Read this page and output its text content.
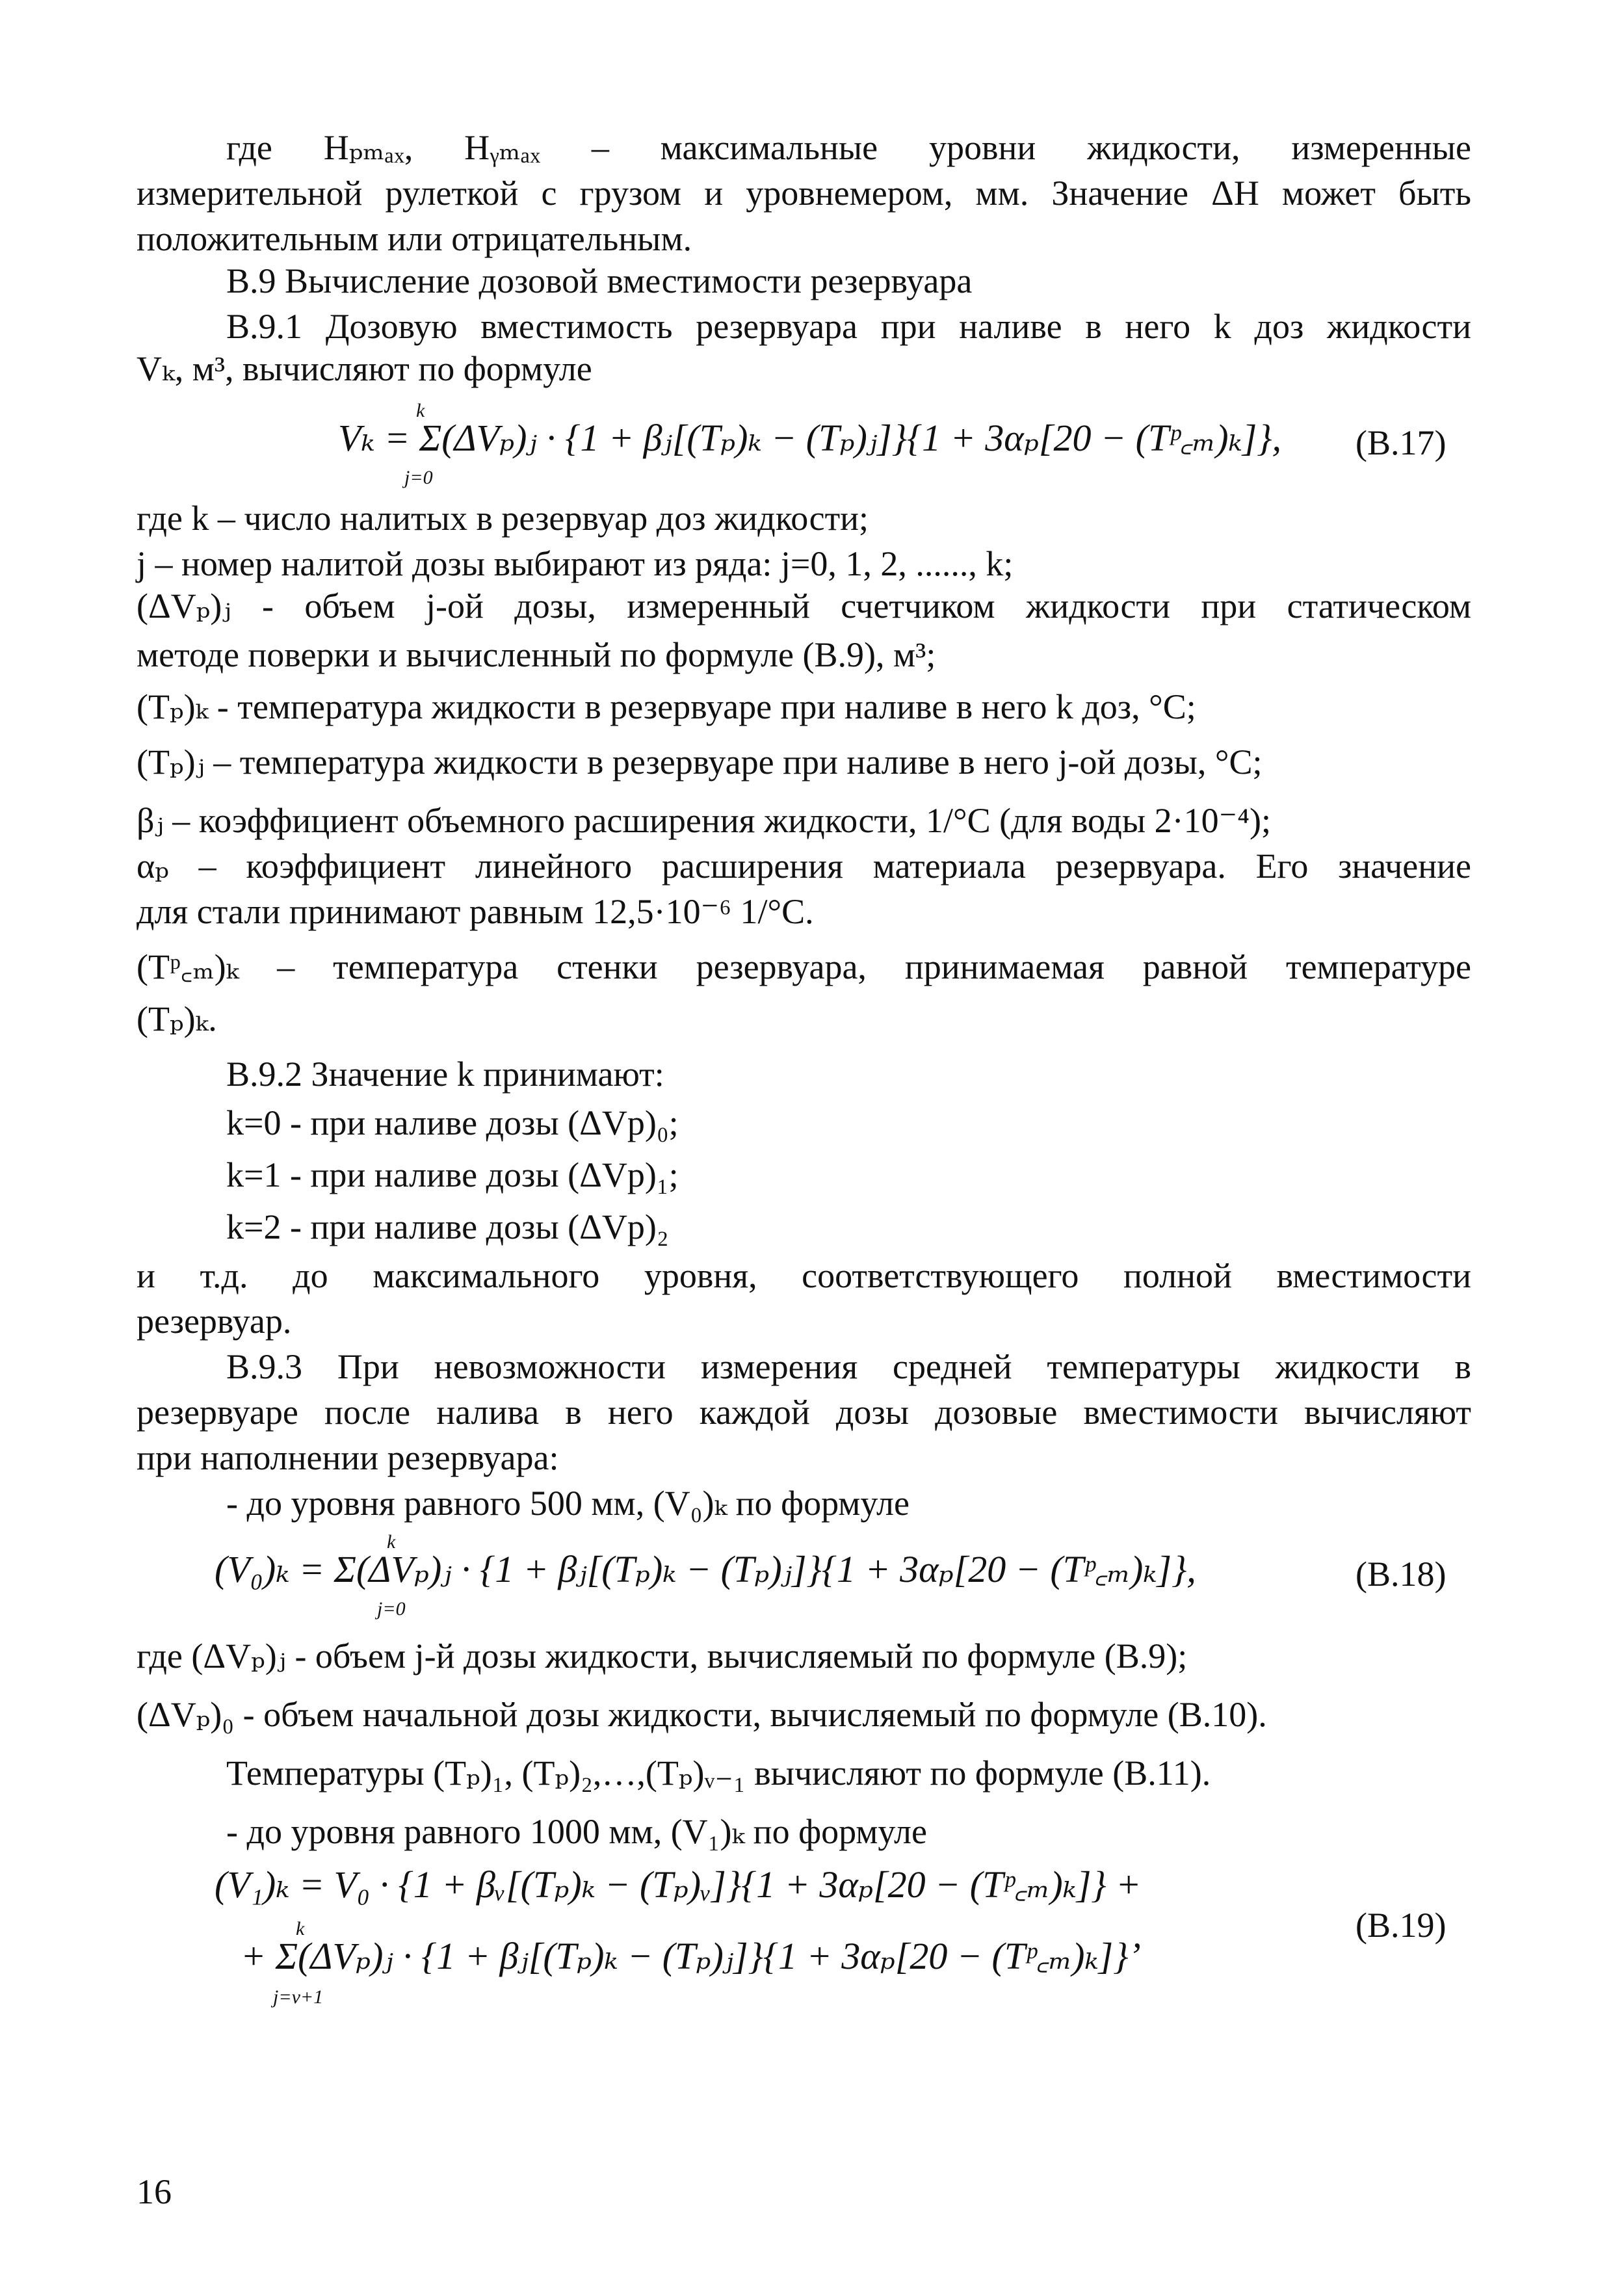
где Hₚₘₐₓ, Hᵧₘₐₓ – максимальные уровни жидкости, измеренные
измерительной рулеткой с грузом и уровнемером, мм. Значение ΔH может быть
положительным или отрицательным.
В.9 Вычисление дозовой вместимости резервуара
В.9.1 Дозовую вместимость резервуара при наливе в него k доз жидкости
Vₖ, м³, вычисляют по формуле
k
Vₖ = Σ(ΔVₚ)ⱼ · {1 + βⱼ[(Tₚ)ₖ − (Tₚ)ⱼ]}{1 + 3αₚ[20 − (Tᵖ꜀ₘ)ₖ]},
j=0
(В.17)
где k – число налитых в резервуар доз жидкости;
j – номер налитой дозы выбирают из ряда: j=0, 1, 2, ......, k;
(ΔVₚ)ⱼ - объем j-ой дозы, измеренный счетчиком жидкости при статическом
методе поверки и вычисленный по формуле (В.9), м³;
(Tₚ)ₖ - температура жидкости в резервуаре при наливе в него k доз, °С;
(Tₚ)ⱼ – температура жидкости в резервуаре при наливе в него j-ой дозы, °С;
βⱼ – коэффициент объемного расширения жидкости, 1/°С (для воды 2·10⁻⁴);
αₚ – коэффициент линейного расширения материала резервуара. Его значение
для стали принимают равным 12,5·10⁻⁶ 1/°С.
(Tᵖ꜀ₘ)ₖ – температура стенки резервуара, принимаемая равной температуре
(Tₚ)ₖ.
В.9.2 Значение k принимают:
k=0 - при наливе дозы (ΔVр)₀;
k=1 - при наливе дозы (ΔVр)₁;
k=2 - при наливе дозы (ΔVр)₂
и т.д. до максимального уровня, соответствующего полной вместимости
резервуар.
В.9.3 При невозможности измерения средней температуры жидкости в
резервуаре после налива в него каждой дозы дозовые вместимости вычисляют
при наполнении резервуара:
- до уровня равного 500 мм, (V₀)ₖ по формуле
k
(V₀)ₖ = Σ(ΔVₚ)ⱼ · {1 + βⱼ[(Tₚ)ₖ − (Tₚ)ⱼ]}{1 + 3αₚ[20 − (Tᵖ꜀ₘ)ₖ]},
j=0
(В.18)
где (ΔVₚ)ⱼ - объем j-й дозы жидкости, вычисляемый по формуле (В.9);
(ΔVₚ)₀ - объем начальной дозы жидкости, вычисляемый по формуле (В.10).
Температуры (Tₚ)₁, (Tₚ)₂,…,(Tₚ)ᵥ₋₁ вычисляют по формуле (В.11).
- до уровня равного 1000 мм, (V₁)ₖ по формуле
(V₁)ₖ = V₀ · {1 + βᵥ[(Tₚ)ₖ − (Tₚ)ᵥ]}{1 + 3αₚ[20 − (Tᵖ꜀ₘ)ₖ]} +
k
+ Σ(ΔVₚ)ⱼ · {1 + βⱼ[(Tₚ)ₖ − (Tₚ)ⱼ]}{1 + 3αₚ[20 − (Tᵖ꜀ₘ)ₖ]}’
j=v+1
(В.19)
16
